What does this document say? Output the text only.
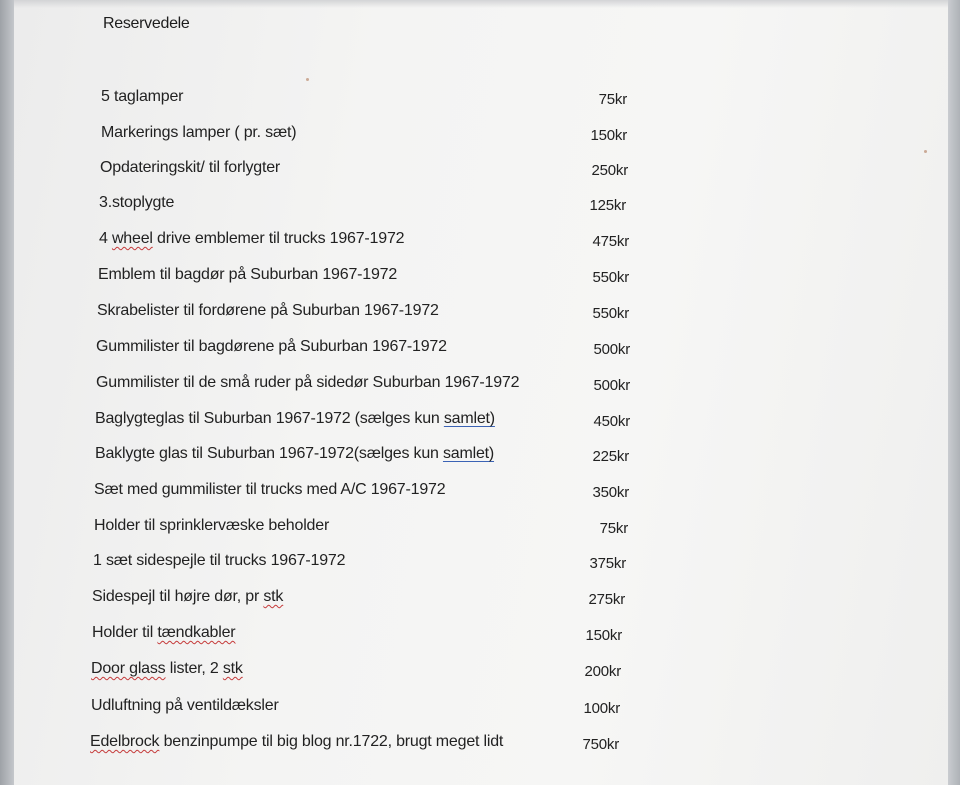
Reservedele
5 taglamper	75kr
Markerings lamper ( pr. sæt)	150kr
Opdateringskit/ til forlygter	250kr
3.stoplygte	125kr
4 wheel drive emblemer til trucks 1967-1972	475kr
Emblem til bagdør på Suburban 1967-1972	550kr
Skrabelister til fordørene på Suburban 1967-1972	550kr
Gummilister til bagdørene på Suburban 1967-1972	500kr
Gummilister til de små ruder på sidedør Suburban 1967-1972	500kr
Baglygteglas til Suburban 1967-1972 (sælges kun samlet)	450kr
Baklygte glas til Suburban 1967-1972(sælges kun samlet)	225kr
Sæt med gummilister til trucks med A/C 1967-1972	350kr
Holder til sprinklervæske beholder	75kr
1 sæt sidespejle til trucks 1967-1972	375kr
Sidespejl til højre dør, pr stk	275kr
Holder til tændkabler	150kr
Door glass lister, 2 stk	200kr
Udluftning på ventildæksler	100kr
Edelbrock benzinpumpe til big blog nr.1722, brugt meget lidt	750kr
